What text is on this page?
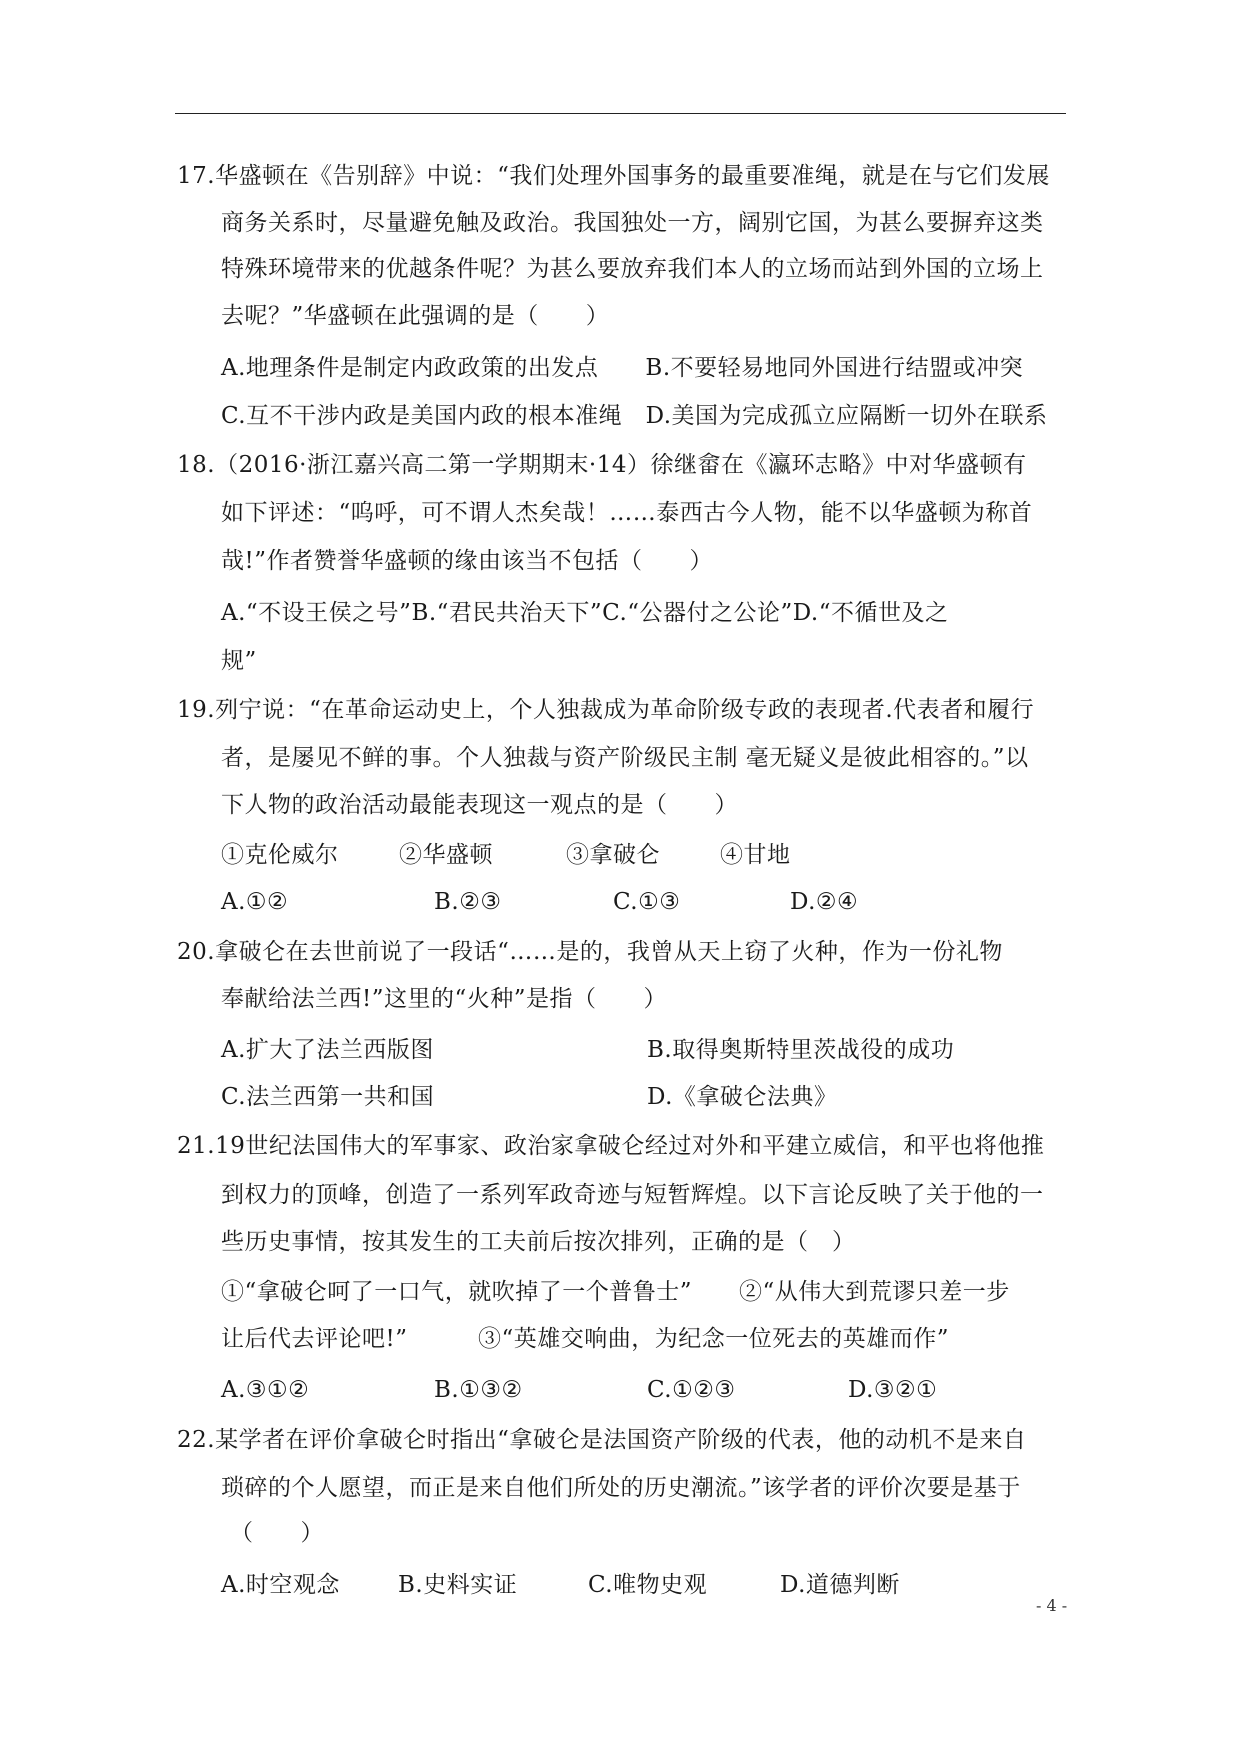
17.华盛顿在《告别辞》中说：“我们处理外国事务的最重要准绳，就是在与它们发展
商务关系时，尽量避免触及政治。我国独处一方，阔别它国，为甚么要摒弃这类
特殊环境带来的优越条件呢？为甚么要放弃我们本人的立场而站到外国的立场上
去呢？”华盛顿在此强调的是（　　）
A.地理条件是制定内政政策的出发点　　B.不要轻易地同外国进行结盟或冲突
C.互不干涉内政是美国内政的根本准绳　D.美国为完成孤立应隔断一切外在联系
18.（2016·浙江嘉兴高二第一学期期末·14）徐继畲在《瀛环志略》中对华盛顿有
如下评述：“呜呼，可不谓人杰矣哉！……泰西古今人物，能不以华盛顿为称首
哉!”作者赞誉华盛顿的缘由该当不包括（　　）
A.“不设王侯之号”B.“君民共治天下”C.“公器付之公论”D.“不循世及之
规”
19.列宁说：“在革命运动史上，个人独裁成为革命阶级专政的表现者.代表者和履行
者，是屡见不鲜的事。个人独裁与资产阶级民主制 毫无疑义是彼此相容的。”以
下人物的政治活动最能表现这一观点的是（　　）
①克伦威尔	②华盛顿	③拿破仑	④甘地
A.①②	B.②③	C.①③	D.②④
20.拿破仑在去世前说了一段话“……是的，我曾从天上窃了火种，作为一份礼物
奉献给法兰西!”这里的“火种”是指（　　）
A.扩大了法兰西版图	B.取得奥斯特里茨战役的成功
C.法兰西第一共和国	D.《拿破仑法典》
21.19世纪法国伟大的军事家、政治家拿破仑经过对外和平建立威信，和平也将他推
到权力的顶峰，创造了一系列军政奇迹与短暂辉煌。以下言论反映了关于他的一
些历史事情，按其发生的工夫前后按次排列，正确的是（　）
①“拿破仑呵了一口气，就吹掉了一个普鲁士”　　②“从伟大到荒谬只差一步
让后代去评论吧!”　　　③“英雄交响曲，为纪念一位死去的英雄而作”
A.③①②	B.①③②	C.①②③	D.③②①
22.某学者在评价拿破仑时指出“拿破仑是法国资产阶级的代表，他的动机不是来自
琐碎的个人愿望，而正是来自他们所处的历史潮流。”该学者的评价次要是基于
（　　）
A.时空观念	B.史料实证	C.唯物史观	D.道德判断
- 4 -
